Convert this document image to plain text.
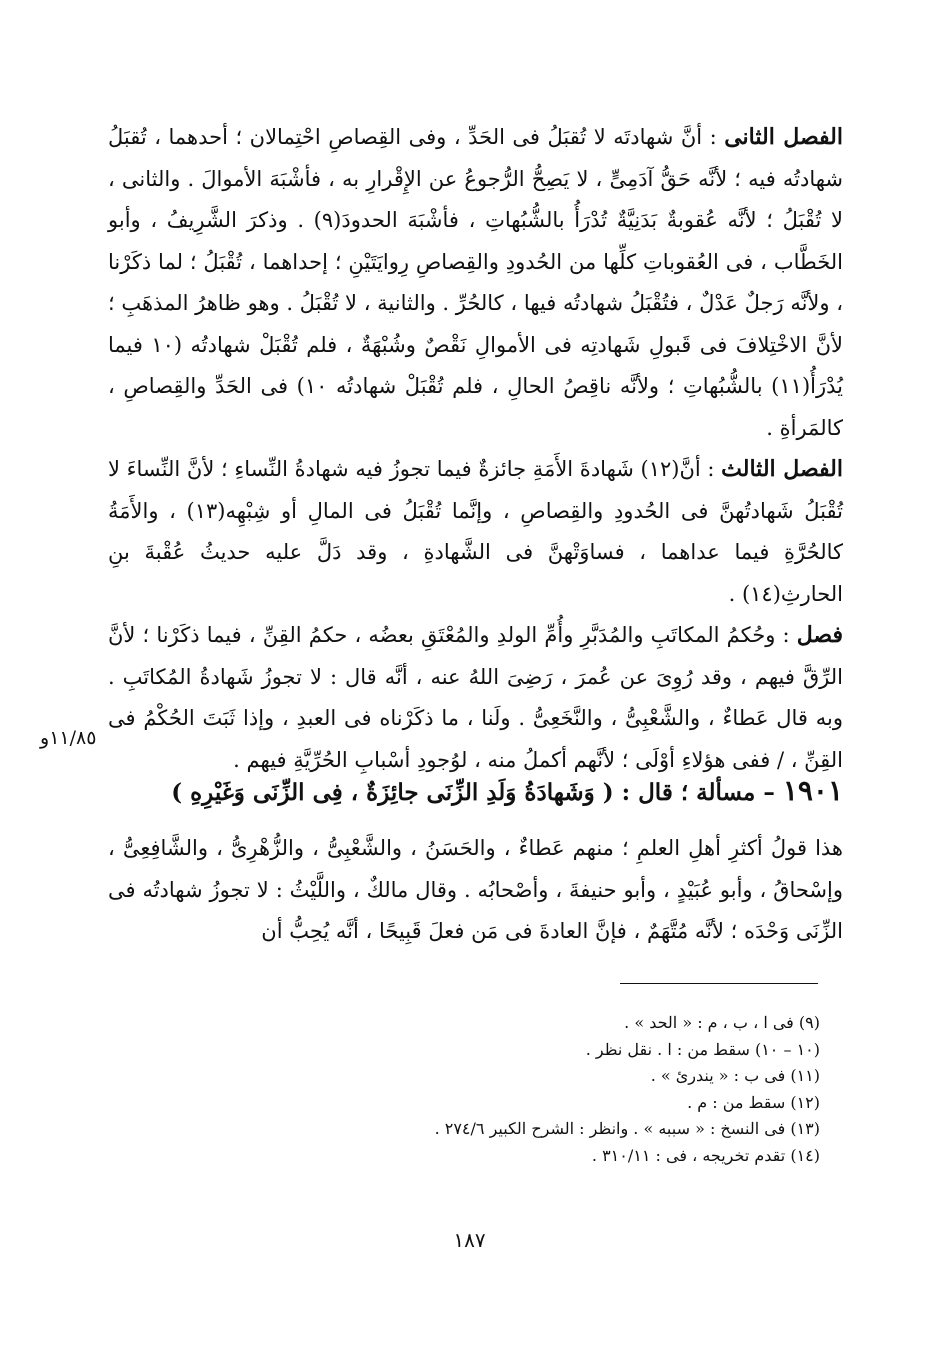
الفصل الثانى : أنَّ شهادتَه لا تُقبَلُ فى الحَدِّ ، وفى القِصاصِ احْتِمالان ؛ أحدهما ، تُقبَلُ شهادتُه فيه ؛ لأنَّه حَقُّ آدَمِىٍّ ، لا يَصِحُّ الرُّجوعُ عن الإِقْرارِ به ، فأشْبَهَ الأموالَ . والثانى ، لا تُقْبَلُ ؛ لأنَّه عُقوبةٌ بَدَنِيَّةٌ تُدْرَأُ بالشُّبُهاتِ ، فأشْبَهَ الحدودَ(٩) . وذكرَ الشَّرِيفُ ، وأبو الخَطَّاب ، فى العُقوباتِ كلِّها من الحُدودِ والقِصاصِ رِوايَتَيْنِ ؛ إحداهما ، تُقْبَلُ ؛ لما ذكَرْنا ، ولأنَّه رَجلٌ عَدْلٌ ، فتُقْبَلُ شهادتُه فيها ، كالحُرِّ . والثانية ، لا تُقْبَلُ . وهو ظاهرُ المذهَبِ ؛ لأنَّ الاخْتِلافَ فى قَبولِ شَهادتِه فى الأموالِ نَقْصٌ وشُبْهَةٌ ، فلم تُقْبَلْ شهادتُه (١٠ فيما يُدْرَأُ(١١) بالشُّبُهاتِ ؛ ولأنَّه ناقِصُ الحالِ ، فلم تُقْبَلْ شهادتُه ١٠) فى الحَدِّ والقِصاصِ ، كالمَرأةِ .

الفصل الثالث : أنَّ(١٢) شَهادةَ الأَمَةِ جائزةٌ فيما تجوزُ فيه شهادةُ النِّساءِ ؛ لأنَّ النِّساءَ لا تُقْبَلُ شَهادتُهنَّ فى الحُدودِ والقِصاصِ ، وإنَّما تُقْبَلُ فى المالِ أو شِبْهِه(١٣) ، والأَمَةُ كالحُرَّةِ فيما عداهما ، فساوَتْهنَّ فى الشَّهادةِ ، وقد دَلَّ عليه حديثُ عُقْبةَ بنِ الحارثِ(١٤) .

فصل : وحُكمُ المكاتَبِ والمُدَبَّرِ وأُمِّ الولدِ والمُعْتَقِ بعضُه ، حكمُ القِنِّ ، فيما ذكَرْنا ؛ لأنَّ الرِّقَّ فيهم ، وقد رُوِىَ عن عُمرَ ، رَضِىَ اللهُ عنه ، أنَّه قال : لا تجوزُ شَهادةُ المُكاتَبِ . وبه قال عَطاءٌ ، والشَّعْبِىُّ ، والنَّخَعِىُّ . ولَنا ، ما ذكَرْناه فى العبدِ ، وإذا ثَبَتَ الحُكْمُ فى القِنِّ ، / ففى هؤلاءِ أوْلَى ؛ لأنَّهم أكملُ منه ، لوُجودِ أسْبابِ الحُرِّيَّةِ فيهم .

١١/٨٥و
١٩٠١ – مسألة ؛ قال : ( وَشَهادَةُ وَلَدِ الزِّنَى جائِزَةٌ ، فِى الزِّنَى وَغَيْرِهِ )

هذا قولُ أكثرِ أهلِ العلمِ ؛ منهم عَطاءٌ ، والحَسَنُ ، والشَّعْبِىُّ ، والزُّهْرِىُّ ، والشَّافِعِىُّ ، وإسْحاقُ ، وأبو عُبَيْدٍ ، وأبو حنيفةَ ، وأصْحابُه . وقال مالكٌ ، واللَّيْثُ : لا تجوزُ شهادتُه فى الزِّنَى وَحْدَه ؛ لأنَّه مُتَّهَمٌ ، فإنَّ العادةَ فى مَن فعلَ قَبِيحًا ، أنَّه يُحِبُّ أن

(٩) فى ا ، ب ، م : « الحد » .
(١٠ – ١٠) سقط من : ا . نقل نظر .
(١١) فى ب : « يندرئ » .
(١٢) سقط من : م .
(١٣) فى النسخ : « سببه » . وانظر : الشرح الكبير ٢٧٤/٦ .
(١٤) تقدم تخريجه ، فى : ٣١٠/١١ .
١٨٧
